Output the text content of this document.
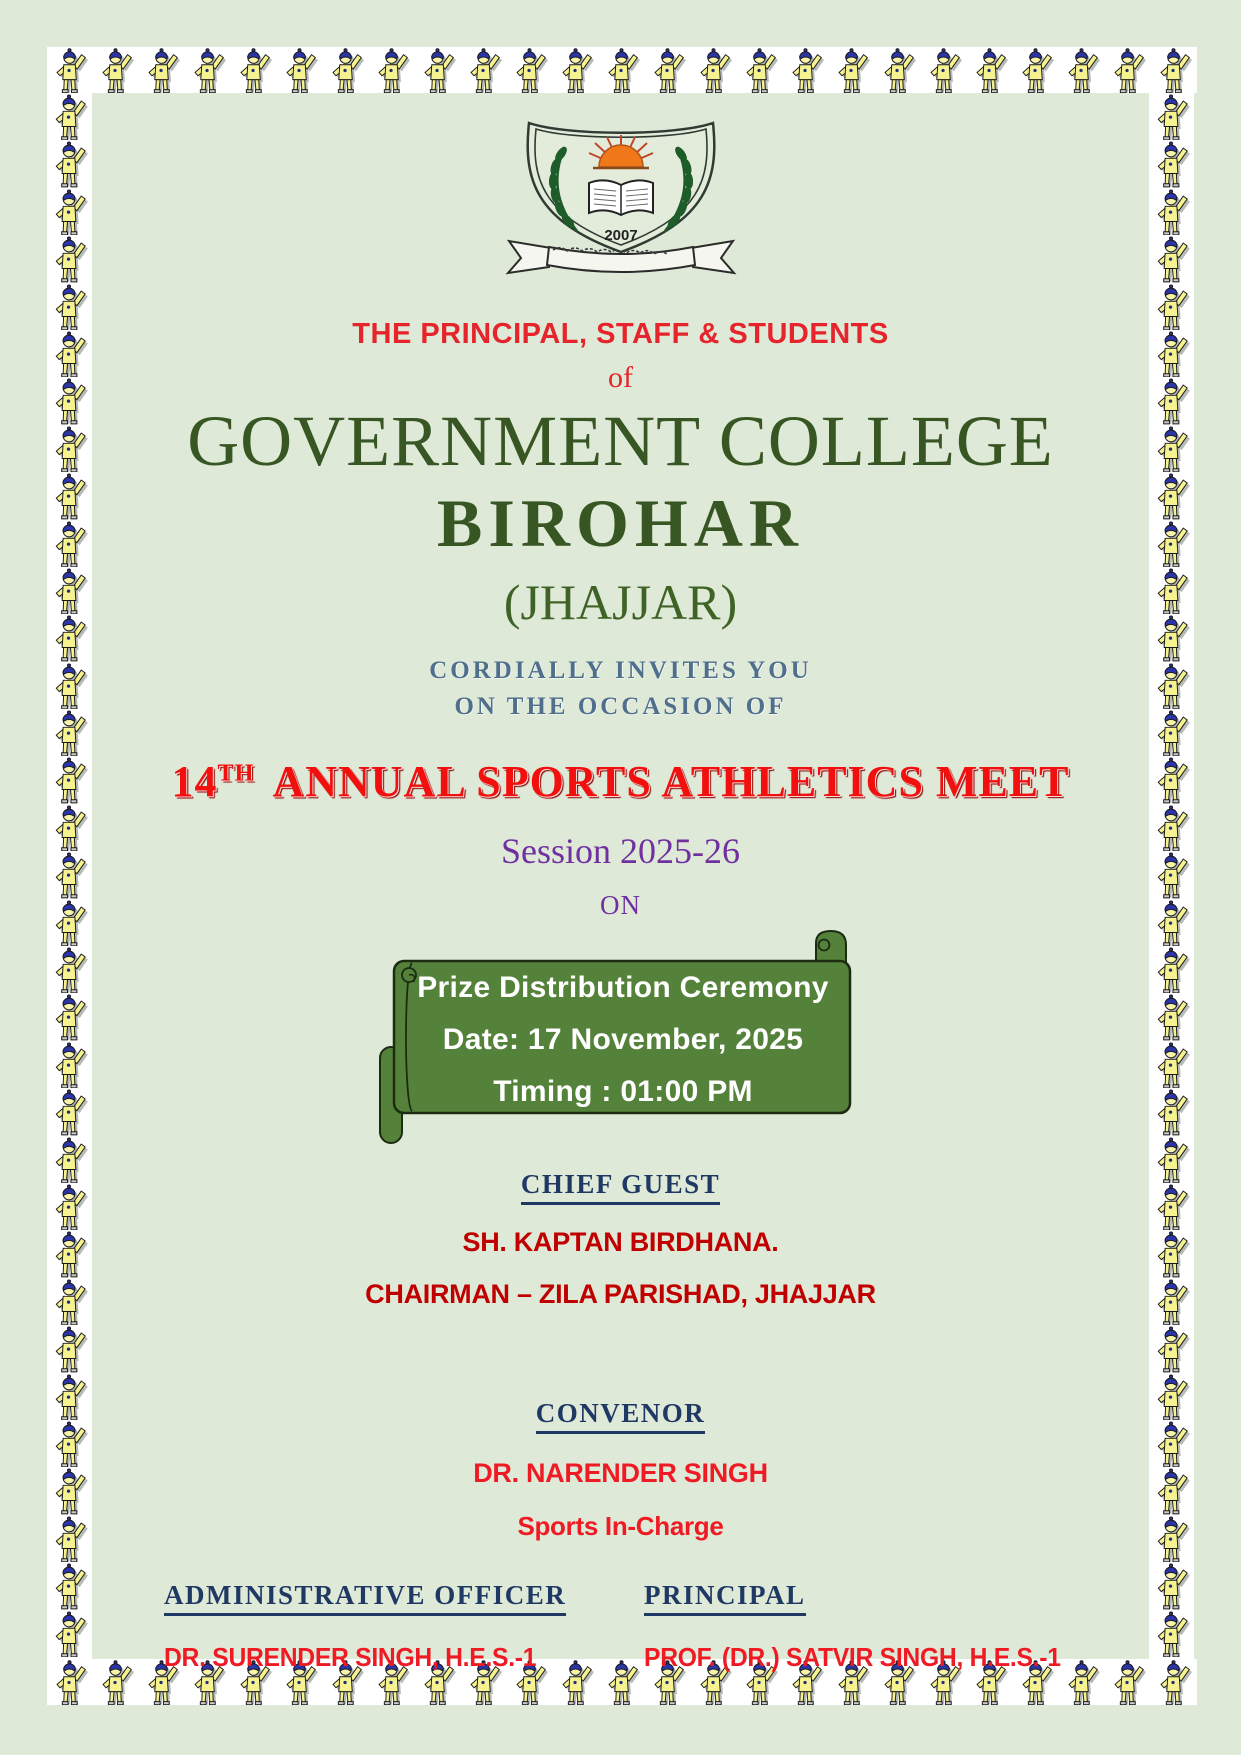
2007
THE PRINCIPAL, STAFF & STUDENTS
of
GOVERNMENT COLLEGE
BIROHAR
(JHAJJAR)
CORDIALLY INVITES YOU
ON THE OCCASION OF
14TH ANNUAL SPORTS ATHLETICS MEET
Session 2025-26
ON
Prize Distribution Ceremony
Date: 17 November, 2025
Timing : 01:00 PM
CHIEF GUEST
SH. KAPTAN BIRDHANA.
CHAIRMAN – ZILA PARISHAD, JHAJJAR
CONVENOR
DR. NARENDER SINGH
Sports In-Charge
ADMINISTRATIVE OFFICER
DR. SURENDER SINGH, H.E.S.-1
PRINCIPAL
PROF. (DR.) SATVIR SINGH, H.E.S.-1
